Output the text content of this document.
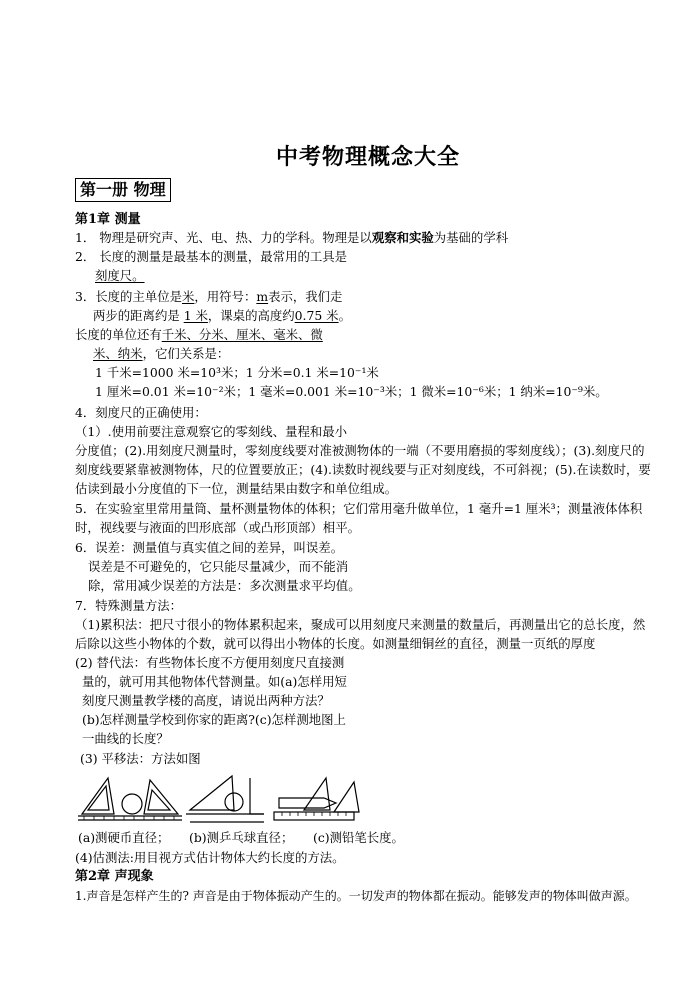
中考物理概念大全
第一册 物理
第1章 测量
1． 物理是研究声、光、电、热、力的学科。物理是以观察和实验为基础的学科
2． 长度的测量是最基本的测量，最常用的工具是
刻度尺。
3．长度的主单位是米，用符号：m表示，我们走
两步的距离约是 1 米，课桌的高度约0.75 米。
长度的单位还有千米、分米、厘米、毫米、微
米、纳米，它们关系是：
1 千米=1000 米=10³米；1 分米=0.1 米=10⁻¹米
1 厘米=0.01 米=10⁻²米；1 毫米=0.001 米=10⁻³米；1 微米=10⁻⁶米；1 纳米=10⁻⁹米。
4．刻度尺的正确使用：
（1）.使用前要注意观察它的零刻线、量程和最小
分度值；(2).用刻度尺测量时，零刻度线要对准被测物体的一端（不要用磨损的零刻度线）；(3).刻度尺的
刻度线要紧靠被测物体，尺的位置要放正；(4).读数时视线要与正对刻度线，不可斜视；(5).在读数时，要
估读到最小分度值的下一位，测量结果由数字和单位组成。
5．在实验室里常用量筒、量杯测量物体的体积；它们常用毫升做单位，1 毫升=1 厘米³；测量液体体积
时，视线要与液面的凹形底部（或凸形顶部）相平。
6．误差：测量值与真实值之间的差异，叫误差。
误差是不可避免的，它只能尽量减少，而不能消
除，常用减少误差的方法是：多次测量求平均值。
7．特殊测量方法：
（1)累积法：把尺寸很小的物体累积起来，聚成可以用刻度尺来测量的数量后，再测量出它的总长度，然
后除以这些小物体的个数，就可以得出小物体的长度。如测量细铜丝的直径，测量一页纸的厚度
(2) 替代法：有些物体长度不方便用刻度尺直接测
量的，就可用其他物体代替测量。如(a)怎样用短
刻度尺测量教学楼的高度，请说出两种方法？
(b)怎样测量学校到你家的距离?(c)怎样测地图上
一曲线的长度？
(3) 平移法：方法如图
(a)测硬币直径； (b)测乒乓球直径； (c)测铅笔长度。
(4)估测法:用目视方式估计物体大约长度的方法。
第2章 声现象
1.声音是怎样产生的? 声音是由于物体振动产生的。一切发声的物体都在振动。能够发声的物体叫做声源。
